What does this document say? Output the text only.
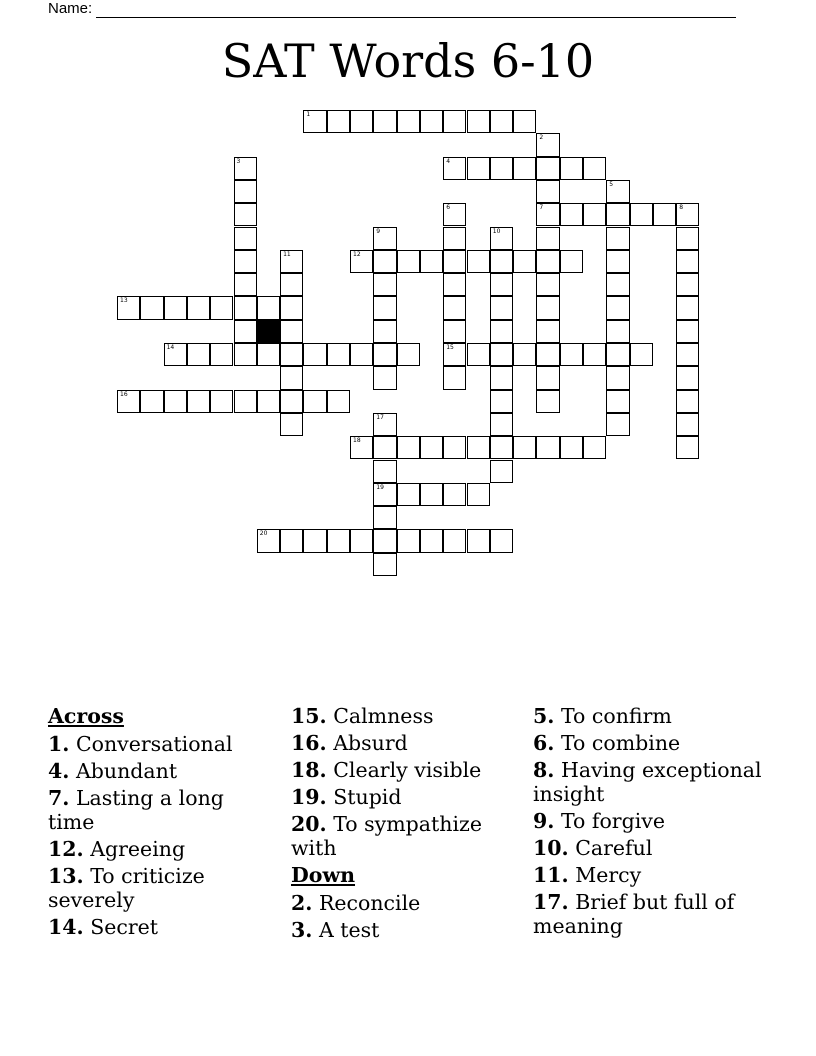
Name:
SAT Words 6-10
1
2
7
3	4
5
6
15
8
9	10
11	12
13
14
16
17
19
18
20
Across
1. Conversational
4. Abundant
7. Lasting a long time
12. Agreeing
13. To criticize severely
14. Secret
15. Calmness
16. Absurd
18. Clearly visible
19. Stupid
20. To sympathize with
Down
2. Reconcile
3. A test
5. To confirm
6. To combine
8. Having exceptional insight
9. To forgive
10. Careful
11. Mercy
17. Brief but full of meaning
